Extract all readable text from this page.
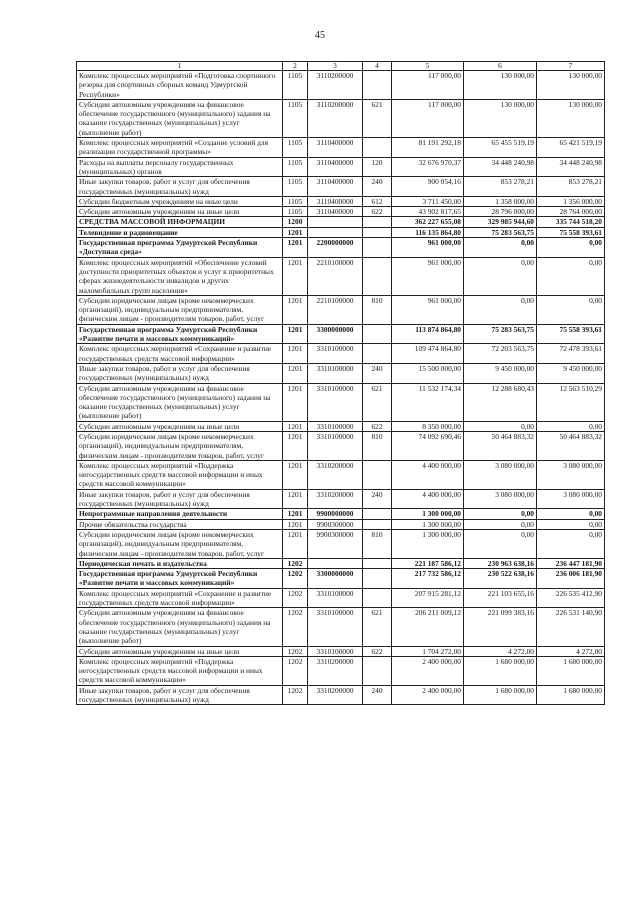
45
1	2	3	4	5	6	7
Комплекс процессных мероприятий «Подготовка спортивного резерва для спортивных сборных команд Удмуртской Республики»	1105	3110200000		117 000,00	130 000,00	130 000,00
Субсидии автономным учреждениям на финансовое обеспечение государственного (муниципального) задания на оказание государственных (муниципальных) услуг (выполнение работ)	1105	3110200000	621	117 000,00	130 000,00	130 000,00
Комплекс процессных мероприятий «Создание условий для реализации государственной программы»	1105	3110400000		81 191 292,18	65 455 519,19	65 421 519,19
Расходы на выплаты персоналу государственных (муниципальных) органов	1105	3110400000	120	32 676 970,37	34 448 240,98	34 448 240,98
Иные закупки товаров, работ и услуг для обеспечения государственных (муниципальных) нужд	1105	3110400000	240	900 054,16	853 278,21	853 278,21
Субсидии бюджетным учреждениям на иные цели	1105	3110400000	612	3 711 450,00	1 358 000,00	1 356 000,00
Субсидии автономным учреждениям на иные цели	1105	3110400000	622	43 902 817,65	28 796 000,00	28 764 000,00
СРЕДСТВА МАССОВОЙ ИНФОРМАЦИИ	1200			362 227 655,08	329 985 944,60	335 744 518,20
Телевидение и радиовещание	1201			116 135 864,80	75 283 563,75	75 558 393,61
Государственная программа Удмуртской Республики «Доступная среда»	1201	2200000000		961 000,00	0,00	0,00
Комплекс процессных мероприятий «Обеспечение условий доступности приоритетных объектов и услуг в приоритетных сферах жизнедеятельности инвалидов и других маломобильных групп населения»	1201	2210100000		961 000,00	0,00	0,00
Субсидии юридическим лицам (кроме некоммерческих организаций), индивидуальным предпринимателям, физическим лицам - производителям товаров, работ, услуг	1201	2210100000	810	961 000,00	0,00	0,00
Государственная программа Удмуртской Республики «Развитие печати и массовых коммуникаций»	1201	3300000000		113 874 864,80	75 283 563,75	75 558 393,61
Комплекс процессных мероприятий «Сохранение и развитие государственных средств массовой информации»	1201	3310100000		109 474 864,80	72 203 563,75	72 478 393,61
Иные закупки товаров, работ и услуг для обеспечения государственных (муниципальных) нужд	1201	3310100000	240	15 500 000,00	9 450 000,00	9 450 000,00
Субсидии автономным учреждениям на финансовое обеспечение государственного (муниципального) задания на оказание государственных (муниципальных) услуг (выполнение работ)	1201	3310100000	621	11 532 174,34	12 288 680,43	12 563 510,29
Субсидии автономным учреждениям на иные цели	1201	3310100000	622	8 350 000,00	0,00	0,00
Субсидии юридическим лицам (кроме некоммерческих организаций), индивидуальным предпринимателям, физическим лицам - производителям товаров, работ, услуг	1201	3310100000	810	74 092 690,46	50 464 883,32	50 464 883,32
Комплекс процессных мероприятий «Поддержка негосударственных средств массовой информации и иных средств массовой коммуникации»	1201	3310200000		4 400 000,00	3 080 000,00	3 080 000,00
Иные закупки товаров, работ и услуг для обеспечения государственных (муниципальных) нужд	1201	3310200000	240	4 400 000,00	3 080 000,00	3 080 000,00
Непрограммные направления деятельности	1201	9900000000		1 300 000,00	0,00	0,00
Прочие обязательства государства	1201	9900300000		1 300 000,00	0,00	0,00
Субсидии юридическим лицам (кроме некоммерческих организаций), индивидуальным предпринимателям, физическим лицам - производителям товаров, работ, услуг	1201	9900300000	810	1 300 000,00	0,00	0,00
Периодическая печать и издательства	1202			221 187 586,12	230 963 638,16	236 447 181,90
Государственная программа Удмуртской Республики «Развитие печати и массовых коммуникаций»	1202	3300000000		217 732 586,12	230 522 638,16	236 006 181,90
Комплекс процессных мероприятий «Сохранение и развитие государственных средств массовой информации»	1202	3310100000		207 915 281,12	221 103 655,16	226 535 412,90
Субсидии автономным учреждениям на финансовое обеспечение государственного (муниципального) задания на оказание государственных (муниципальных) услуг (выполнение работ)	1202	3310100000	621	206 211 009,12	221 099 383,16	226 531 140,90
Субсидии автономным учреждениям на иные цели	1202	3310100000	622	1 704 272,00	4 272,00	4 272,00
Комплекс процессных мероприятий «Поддержка негосударственных средств массовой информации и иных средств массовой коммуникации»	1202	3310200000		2 400 000,00	1 680 000,00	1 680 000,00
Иные закупки товаров, работ и услуг для обеспечения государственных (муниципальных) нужд	1202	3310200000	240	2 400 000,00	1 680 000,00	1 680 000,00
